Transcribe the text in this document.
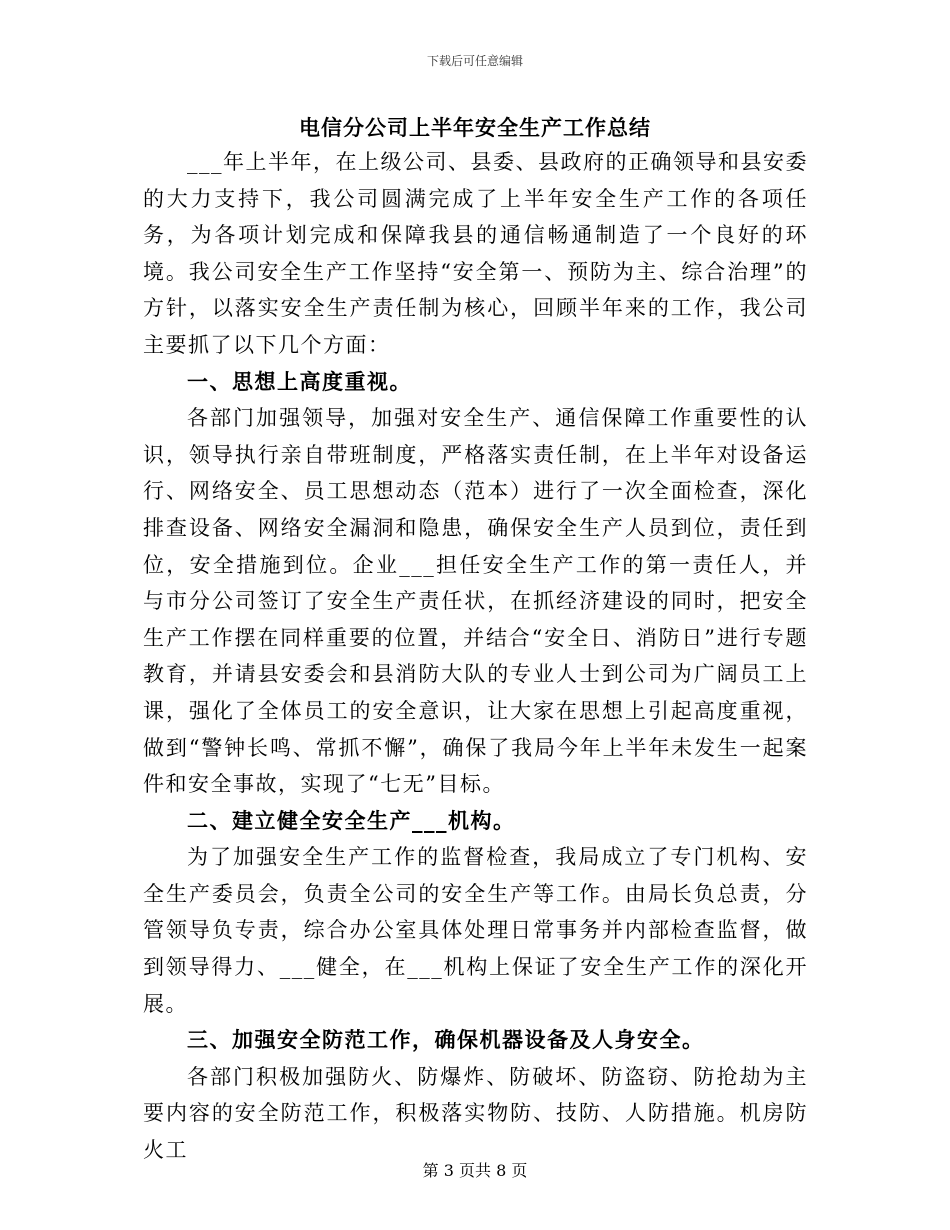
下载后可任意编辑
电信分公司上半年安全生产工作总结

___年上半年，在上级公司、县委、县政府的正确领导和县安委的大力支持下，我公司圆满完成了上半年安全生产工作的各项任务，为各项计划完成和保障我县的通信畅通制造了一个良好的环境。我公司安全生产工作坚持“安全第一、预防为主、综合治理”的方针，以落实安全生产责任制为核心，回顾半年来的工作，我公司主要抓了以下几个方面：

一、思想上高度重视。

各部门加强领导，加强对安全生产、通信保障工作重要性的认识，领导执行亲自带班制度，严格落实责任制，在上半年对设备运行、网络安全、员工思想动态（范本）进行了一次全面检查，深化排查设备、网络安全漏洞和隐患，确保安全生产人员到位，责任到位，安全措施到位。企业___担任安全生产工作的第一责任人，并与市分公司签订了安全生产责任状，在抓经济建设的同时，把安全生产工作摆在同样重要的位置，并结合“安全日、消防日”进行专题教育，并请县安委会和县消防大队的专业人士到公司为广阔员工上课，强化了全体员工的安全意识，让大家在思想上引起高度重视，做到“警钟长鸣、常抓不懈”，确保了我局今年上半年未发生一起案件和安全事故，实现了“七无”目标。

二、建立健全安全生产___机构。

为了加强安全生产工作的监督检查，我局成立了专门机构、安全生产委员会，负责全公司的安全生产等工作。由局长负总责，分管领导负专责，综合办公室具体处理日常事务并内部检查监督，做到领导得力、___健全，在___机构上保证了安全生产工作的深化开展。

三、加强安全防范工作，确保机器设备及人身安全。

各部门积极加强防火、防爆炸、防破坏、防盗窃、防抢劫为主要内容的安全防范工作，积极落实物防、技防、人防措施。机房防火工

第 3 页共 8 页
